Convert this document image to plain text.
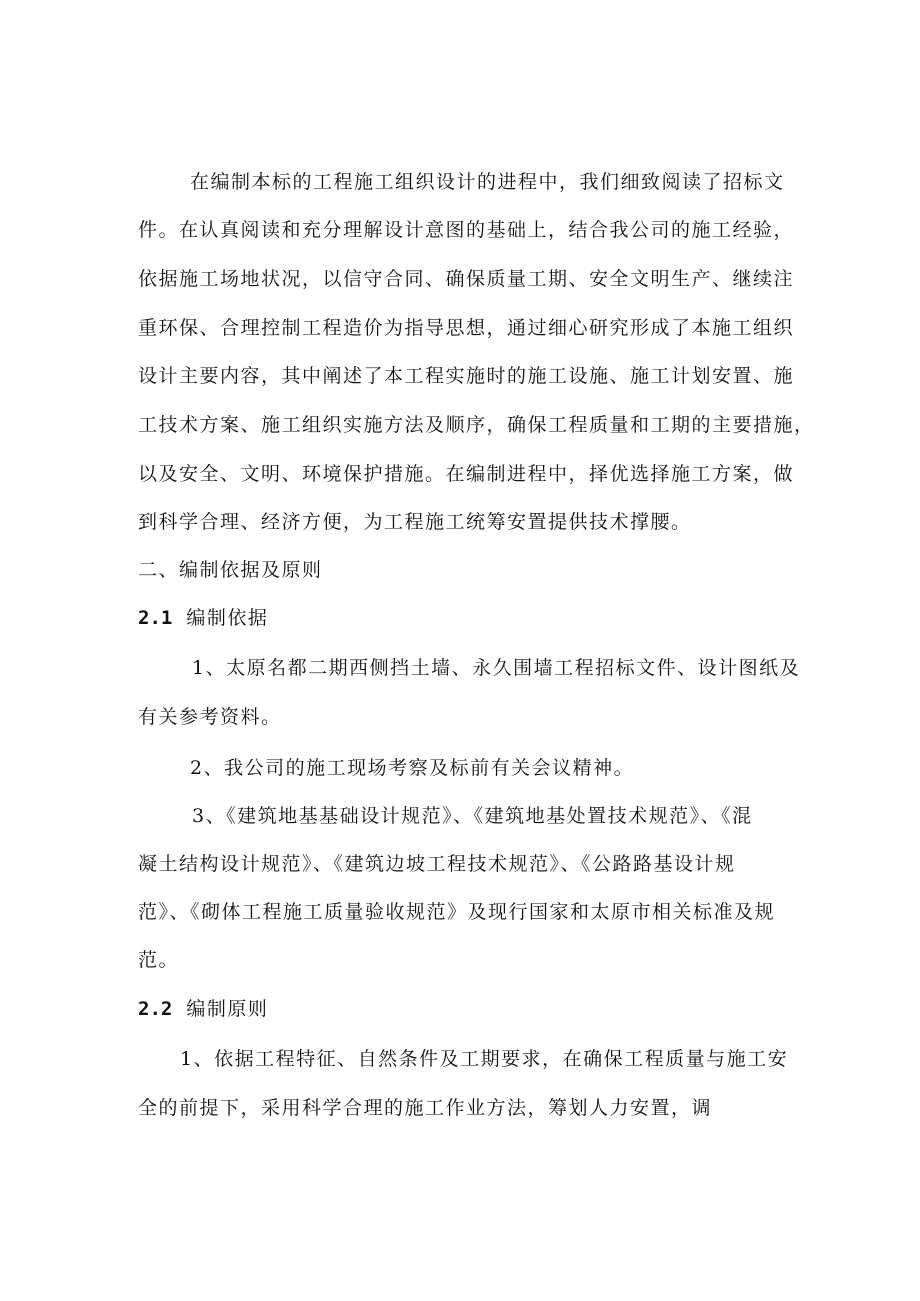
在编制本标的工程施工组织设计的进程中，我们细致阅读了招标文
件。在认真阅读和充分理解设计意图的基础上，结合我公司的施工经验，
依据施工场地状况，以信守合同、确保质量工期、安全文明生产、继续注
重环保、合理控制工程造价为指导思想，通过细心研究形成了本施工组织
设计主要内容，其中阐述了本工程实施时的施工设施、施工计划安置、施
工技术方案、施工组织实施方法及顺序，确保工程质量和工期的主要措施，
以及安全、文明、环境保护措施。在编制进程中，择优选择施工方案，做
到科学合理、经济方便，为工程施工统筹安置提供技术撑腰。
二、编制依据及原则
2.1 编制依据
1、太原名都二期西侧挡土墙、永久围墙工程招标文件、设计图纸及
有关参考资料。
2、我公司的施工现场考察及标前有关会议精神。
3、《建筑地基基础设计规范》、《建筑地基处置技术规范》、《混
凝土结构设计规范》、《建筑边坡工程技术规范》、《公路路基设计规
范》、《砌体工程施工质量验收规范》及现行国家和太原市相关标准及规
范。
2.2 编制原则
1、依据工程特征、自然条件及工期要求，在确保工程质量与施工安
全的前提下，采用科学合理的施工作业方法，筹划人力安置，调
